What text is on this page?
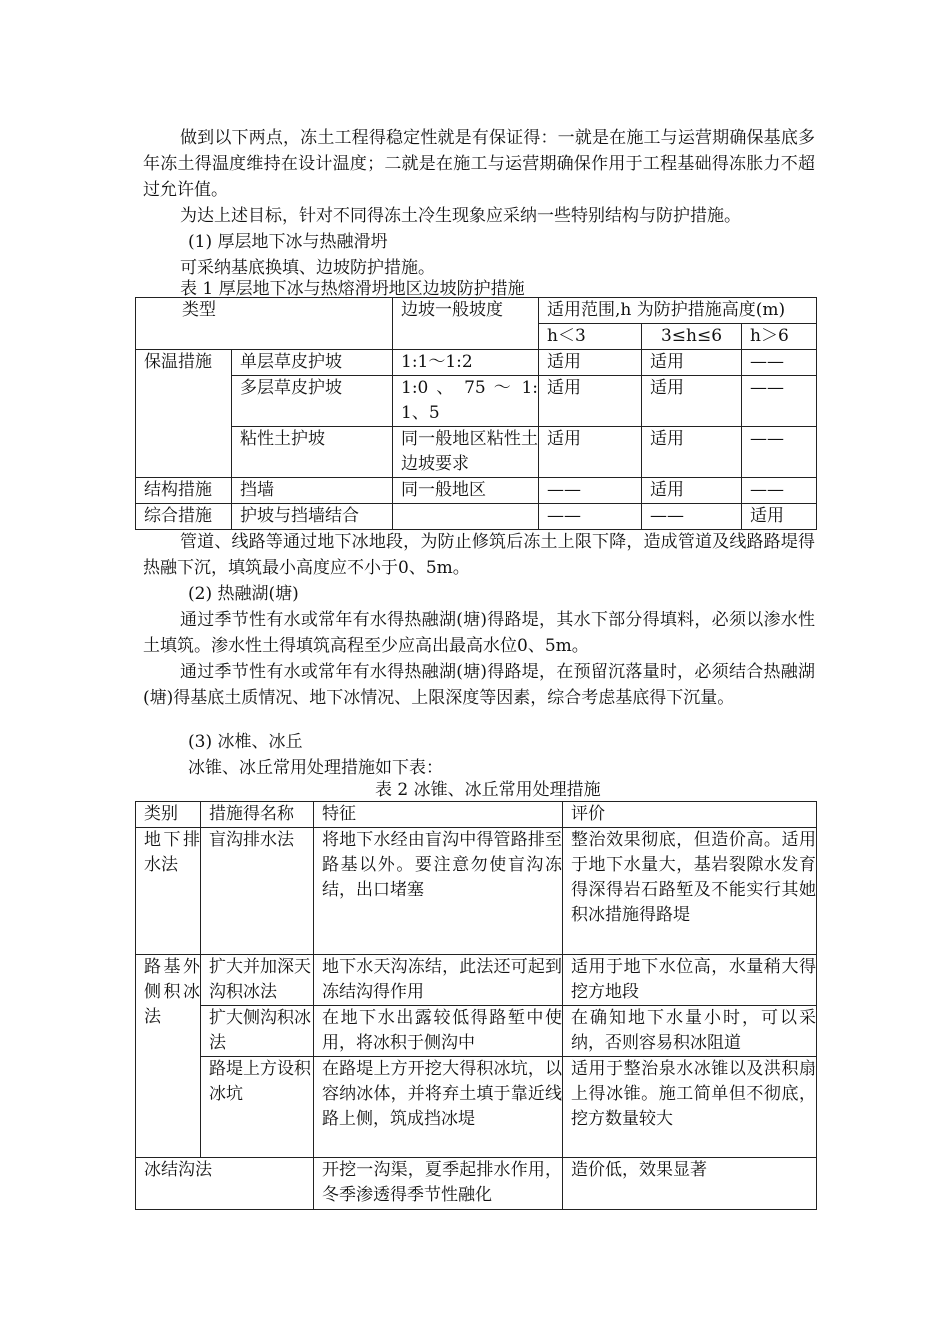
做到以下两点，冻土工程得稳定性就是有保证得：一就是在施工与运营期确保基底多年冻土得温度维持在设计温度；二就是在施工与运营期确保作用于工程基础得冻胀力不超过允许值。

为达上述目标，针对不同得冻土冷生现象应采纳一些特别结构与防护措施。

(1) 厚层地下冰与热融滑坍

可采纳基底换填、边坡防护措施。

表 1 厚层地下冰与热熔滑坍地区边坡防护措施
类型		边坡一般坡度	适用范围,h 为防护措施高度(m)		
			h＜3	3≤h≤6	h＞6
保温措施	单层草皮护坡	1:1～1:2	适用	适用	——
	多层草皮护坡	1:0 、 75 ～ 1:1、5	适用	适用	——
	粘性土护坡	同一般地区粘性土边坡要求	适用	适用	——
结构措施	挡墙	同一般地区	——	适用	——
综合措施	护坡与挡墙结合		——	——	适用

管道、线路等通过地下冰地段，为防止修筑后冻土上限下降，造成管道及线路路堤得热融下沉，填筑最小高度应不小于0、5m。

(2) 热融湖(塘)

通过季节性有水或常年有水得热融湖(塘)得路堤，其水下部分得填料，必须以渗水性土填筑。渗水性土得填筑高程至少应高出最高水位0、5m。

通过季节性有水或常年有水得热融湖(塘)得路堤，在预留沉落量时，必须结合热融湖(塘)得基底土质情况、地下冰情况、上限深度等因素，综合考虑基底得下沉量。

(3) 冰椎、冰丘

冰锥、冰丘常用处理措施如下表：

表 2 冰锥、冰丘常用处理措施
类别	措施得名称	特征	评价
地下排水法	盲沟排水法	将地下水经由盲沟中得管路排至路基以外。要注意勿使盲沟冻结，出口堵塞	整治效果彻底，但造价高。适用于地下水量大，基岩裂隙水发育得深得岩石路堑及不能实行其她积冰措施得路堤
路基外侧积冰法	扩大并加深天沟积冰法	地下水天沟冻结，此法还可起到冻结沟得作用	适用于地下水位高，水量稍大得挖方地段
	扩大侧沟积冰法	在地下水出露较低得路堑中使用，将冰积于侧沟中	在确知地下水量小时，可以采纳，否则容易积冰阻道
	路堤上方设积冰坑	在路堤上方开挖大得积冰坑，以容纳冰体，并将弃土填于靠近线路上侧，筑成挡冰堤	适用于整治泉水冰锥以及洪积扇上得冰锥。施工简单但不彻底，挖方数量较大
冰结沟法		开挖一沟渠，夏季起排水作用，冬季渗透得季节性融化	造价低，效果显著
